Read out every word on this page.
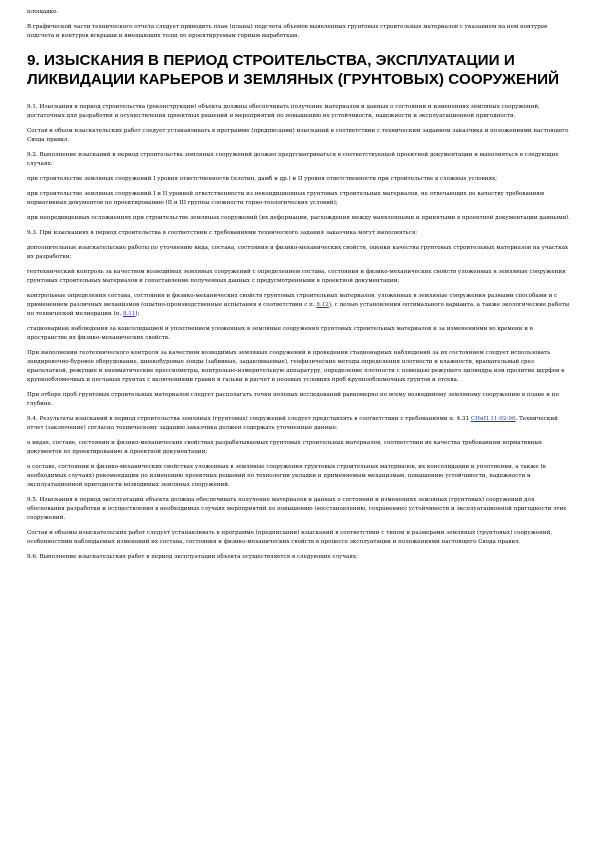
площадке.

В графической части технического отчета следует приводить план (планы) подсчета объемов выявленных грунтовых строительных материалов с указанием на нем контуров подсчета и контуров вскрыши и вмещающих толщ по проектируемым горным выработкам.

9. ИЗЫСКАНИЯ В ПЕРИОД СТРОИТЕЛЬСТВА, ЭКСПЛУАТАЦИИ И ЛИКВИДАЦИИ КАРЬЕРОВ И ЗЕМЛЯНЫХ (ГРУНТОВЫХ) СООРУЖЕНИЙ

9.1. Изыскания в период строительства (реконструкции) объекта должны обеспечивать получение материалов и данных о состоянии и изменениях земляных сооружений, достаточных для разработки и осуществления проектных решений и мероприятий по повышению их устойчивости, надежности и эксплуатационной пригодности.

Состав и объем изыскательских работ следует устанавливать в программе (предписании) изысканий в соответствии с техническим заданием заказчика и положениями настоящего Свода правил.

9.2. Выполнение изысканий в период строительства земляных сооружений должно предусматриваться в соответствующей проектной документации и выполняться в следующих случаях:

при строительстве земляных сооружений I уровня ответственности (плотин, дамб и др.) и II уровня ответственности при строительстве в сложных условиях;

при строительстве земляных сооружений I и II уровней ответственности из некондиционных грунтовых строительных материалов, не отвечающих по качеству требованиям нормативных документов по проектированию (II и III группы сложности горно-геологических условий);

при непредвиденных осложнениях при строительстве земляных сооружений (их деформации, расхождения между выявленными и принятыми в проектной документации данными).

9.3. При изысканиях в период строительства в соответствии с требованиями технического задания заказчика могут выполняться:

дополнительные изыскательские работы по уточнению вида, состава, состояния и физико-механических свойств, оценки качества грунтовых строительных материалов на участках их разработки;

геотехнический контроль за качеством возводимых земляных сооружений с определением состава, состояния и физико-механических свойств уложенных в земляные сооружения грунтовых строительных материалов и сопоставление полученных данных с предусмотренными в проектной документации;

контрольные определения состава, состояния и физико-механических свойств грунтовых строительных материалов, уложенных в земляные сооружения разными способами и с применением различных механизмов (опытно-производственные испытания в соответствии с п. 8.12), с целью установления оптимального варианта, а также экологические работы по технической мелиорации (п. 8.11);

стационарные наблюдения за консолидацией и уплотнением уложенных в земляные сооружения грунтовых строительных материалов и за изменениями во времени и в пространстве их физико-механических свойств.

При выполнении геотехнического контроля за качеством возводимых земляных сооружений и проведении стационарных наблюдений за их состоянием следует использовать зондировочно-буровое оборудование, шнекобуровые зонды (забивные, задавливаемые), геофизические методы определения плотности и влажности, вращательный срез крыльчаткой, режущие и пневматические прессиометры, контрольно-измерительную аппаратуру, определение плотности с помощью режущего цилиндра или пролитие шурфов в крупнообломочных и песчаных грунтах с включениями гравия и гальки и расчет в полевых условиях проб крупнообломочных грунтов и отсева.

При отборе проб грунтовых строительных материалов следует располагать точки полевых исследований равномерно по всему возводимому земляному сооружению в плане и по глубине.

9.4. Результаты изысканий в период строительства земляных (грунтовых) сооружений следует представлять в соответствии с требованиями п. 4.31 СНиП 11-02-96. Технический отчет (заключение) согласно техническому заданию заказчика должен содержать уточненные данные:

о видах, составе, состоянии и физико-механических свойствах разрабатываемых грунтовых строительных материалов, соответствии их качества требованиям нормативных документов по проектированию и проектной документации;

о составе, состоянии и физико-механических свойствах уложенных в земляные сооружения грунтовых строительных материалов, их консолидации и уплотнении, а также (в необходимых случаях) рекомендации по изменению проектных решений по технологии укладки и применяемым механизмам, повышению устойчивости, надежности и эксплуатационной пригодности возводимых земляных сооружений.

9.5. Изыскания в период эксплуатации объекта должны обеспечивать получение материалов и данных о состоянии и изменениях земляных (грунтовых) сооружений для обоснования разработки и осуществления в необходимых случаях мероприятий по повышению (восстановлению, сохранению) устойчивости и эксплуатационной пригодности этих сооружений.

Состав и объемы изыскательских работ следует устанавливать в программе (предписании) изысканий в соответствии с типом и размерами земляных (грунтовых) сооружений, особенностями наблюдаемых изменений их состава, состояния и физико-механических свойств в процессе эксплуатации и положениями настоящего Свода правил.

9.6. Выполнение изыскательских работ в период эксплуатации объекта осуществляется в следующих случаях:
